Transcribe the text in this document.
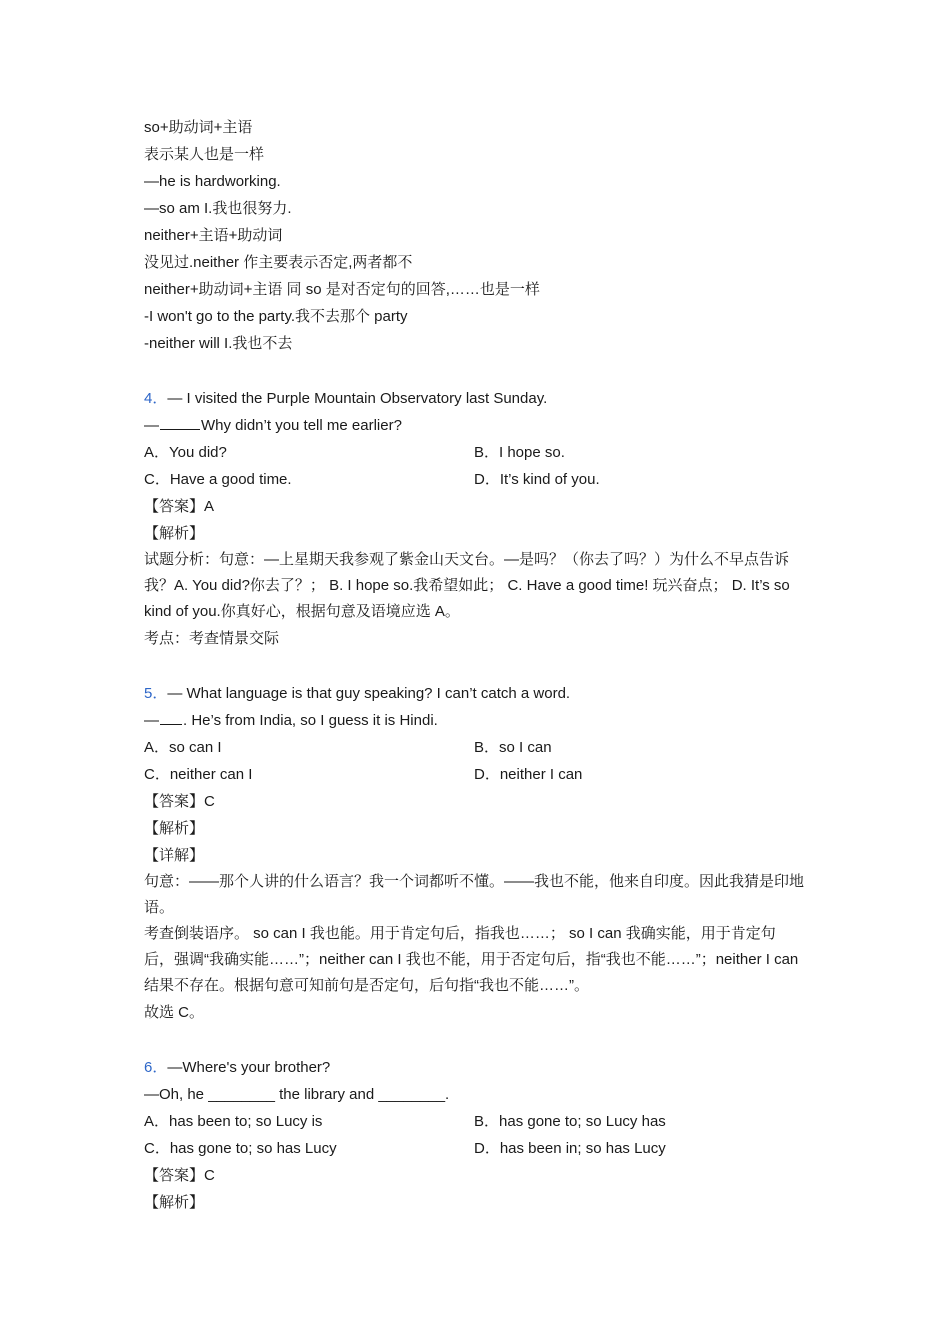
so+助动词+主语
表示某人也是一样
—he is hardworking.
—so am I.我也很努力.
neither+主语+助动词
没见过.neither 作主要表示否定,两者都不
neither+助动词+主语 同 so 是对否定句的回答,……也是一样
-I won't go to the party.我不去那个 party
-neither will I.我也不去
4．— I visited the Purple Mountain Observatory last Sunday.
—	Why didn’t you tell me earlier?
A．You did?	B．I hope so.
C．Have a good time.	D．It’s kind of you.
【答案】A
【解析】
试题分析：句意：—上星期天我参观了紫金山天文台。—是吗？（你去了吗？）为什么不早点告诉我？A. You did?你去了？； B. I hope so.我希望如此； C. Have a good time! 玩兴奋点； D. It’s so kind of you.你真好心，根据句意及语境应选 A。
考点：考查情景交际
5．— What language is that guy speaking? I can’t catch a word.
— . He’s from India, so I guess it is Hindi.
A．so can I	B．so I can
C．neither can I	D．neither I can
【答案】C
【解析】
【详解】
句意：——那个人讲的什么语言？我一个词都听不懂。——我也不能，他来自印度。因此我猜是印地语。
考查倒装语序。 so can I 我也能。用于肯定句后，指我也……； so I can 我确实能，用于肯定句后，强调“我确实能……”；neither can I 我也不能，用于否定句后，指“我也不能……”；neither I can 结果不存在。根据句意可知前句是否定句，后句指“我也不能……”。
故选 C。
6．—Where's your brother?
—Oh, he ________ the library and ________.
A．has been to; so Lucy is	B．has gone to; so Lucy has
C．has gone to; so has Lucy	D．has been in; so has Lucy
【答案】C
【解析】
